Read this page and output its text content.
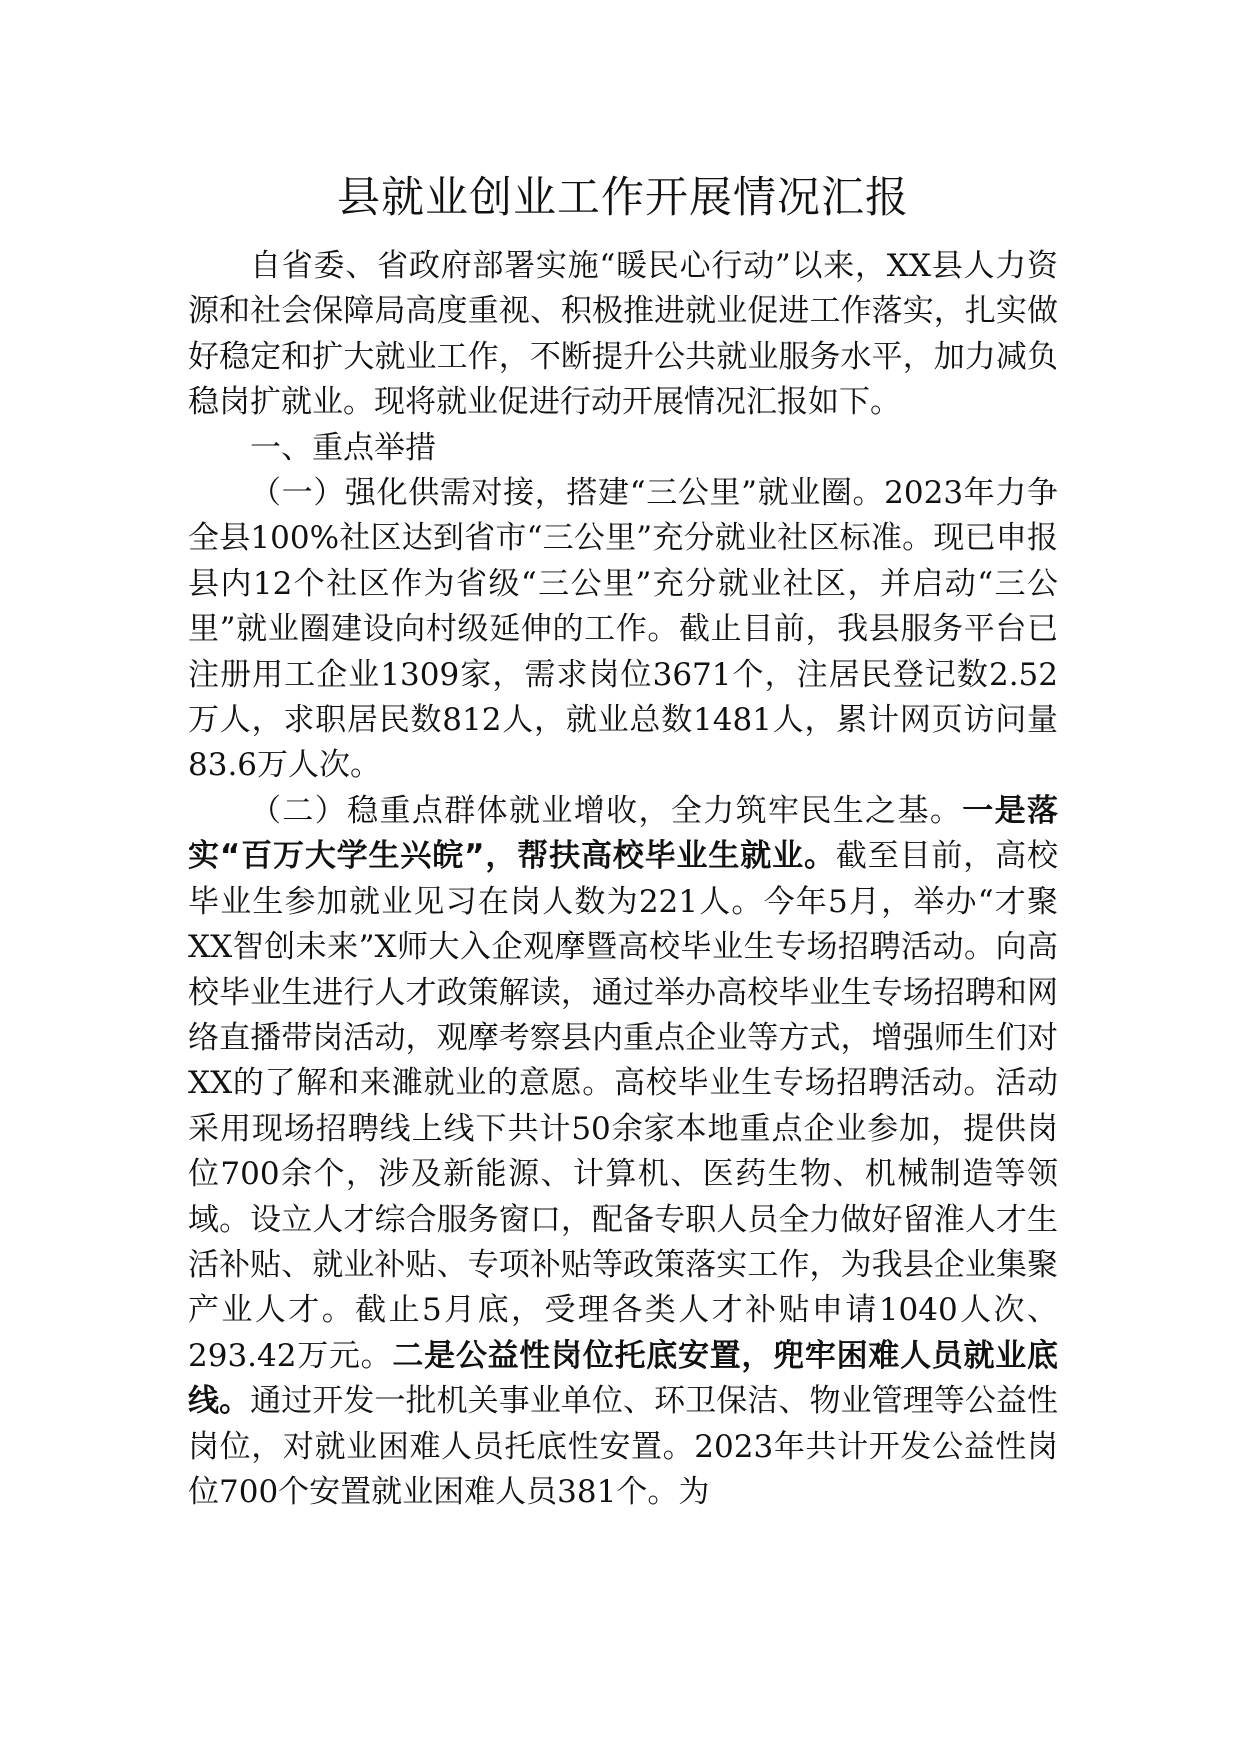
县就业创业工作开展情况汇报

自省委、省政府部署实施“暖民心行动”以来，XX县人力资源和社会保障局高度重视、积极推进就业促进工作落实，扎实做好稳定和扩大就业工作，不断提升公共就业服务水平，加力减负稳岗扩就业。现将就业促进行动开展情况汇报如下。

一、重点举措

（一）强化供需对接，搭建“三公里”就业圈。2023年力争全县100%社区达到省市“三公里”充分就业社区标准。现已申报县内12个社区作为省级“三公里”充分就业社区，并启动“三公里”就业圈建设向村级延伸的工作。截止目前，我县服务平台已注册用工企业1309家，需求岗位3671个，注居民登记数2.52万人，求职居民数812人，就业总数1481人，累计网页访问量83.6万人次。

（二）稳重点群体就业增收，全力筑牢民生之基。一是落实“百万大学生兴皖”，帮扶高校毕业生就业。截至目前，高校毕业生参加就业见习在岗人数为221人。今年5月，举办“才聚XX智创未来”X师大入企观摩暨高校毕业生专场招聘活动。向高校毕业生进行人才政策解读，通过举办高校毕业生专场招聘和网络直播带岗活动，观摩考察县内重点企业等方式，增强师生们对XX的了解和来濉就业的意愿。高校毕业生专场招聘活动。活动采用现场招聘线上线下共计50余家本地重点企业参加，提供岗位700余个，涉及新能源、计算机、医药生物、机械制造等领域。设立人才综合服务窗口，配备专职人员全力做好留淮人才生活补贴、就业补贴、专项补贴等政策落实工作，为我县企业集聚产业人才。截止5月底，受理各类人才补贴申请1040人次、293.42万元。二是公益性岗位托底安置，兜牢困难人员就业底线。通过开发一批机关事业单位、环卫保洁、物业管理等公益性岗位，对就业困难人员托底性安置。2023年共计开发公益性岗位700个安置就业困难人员381个。为
